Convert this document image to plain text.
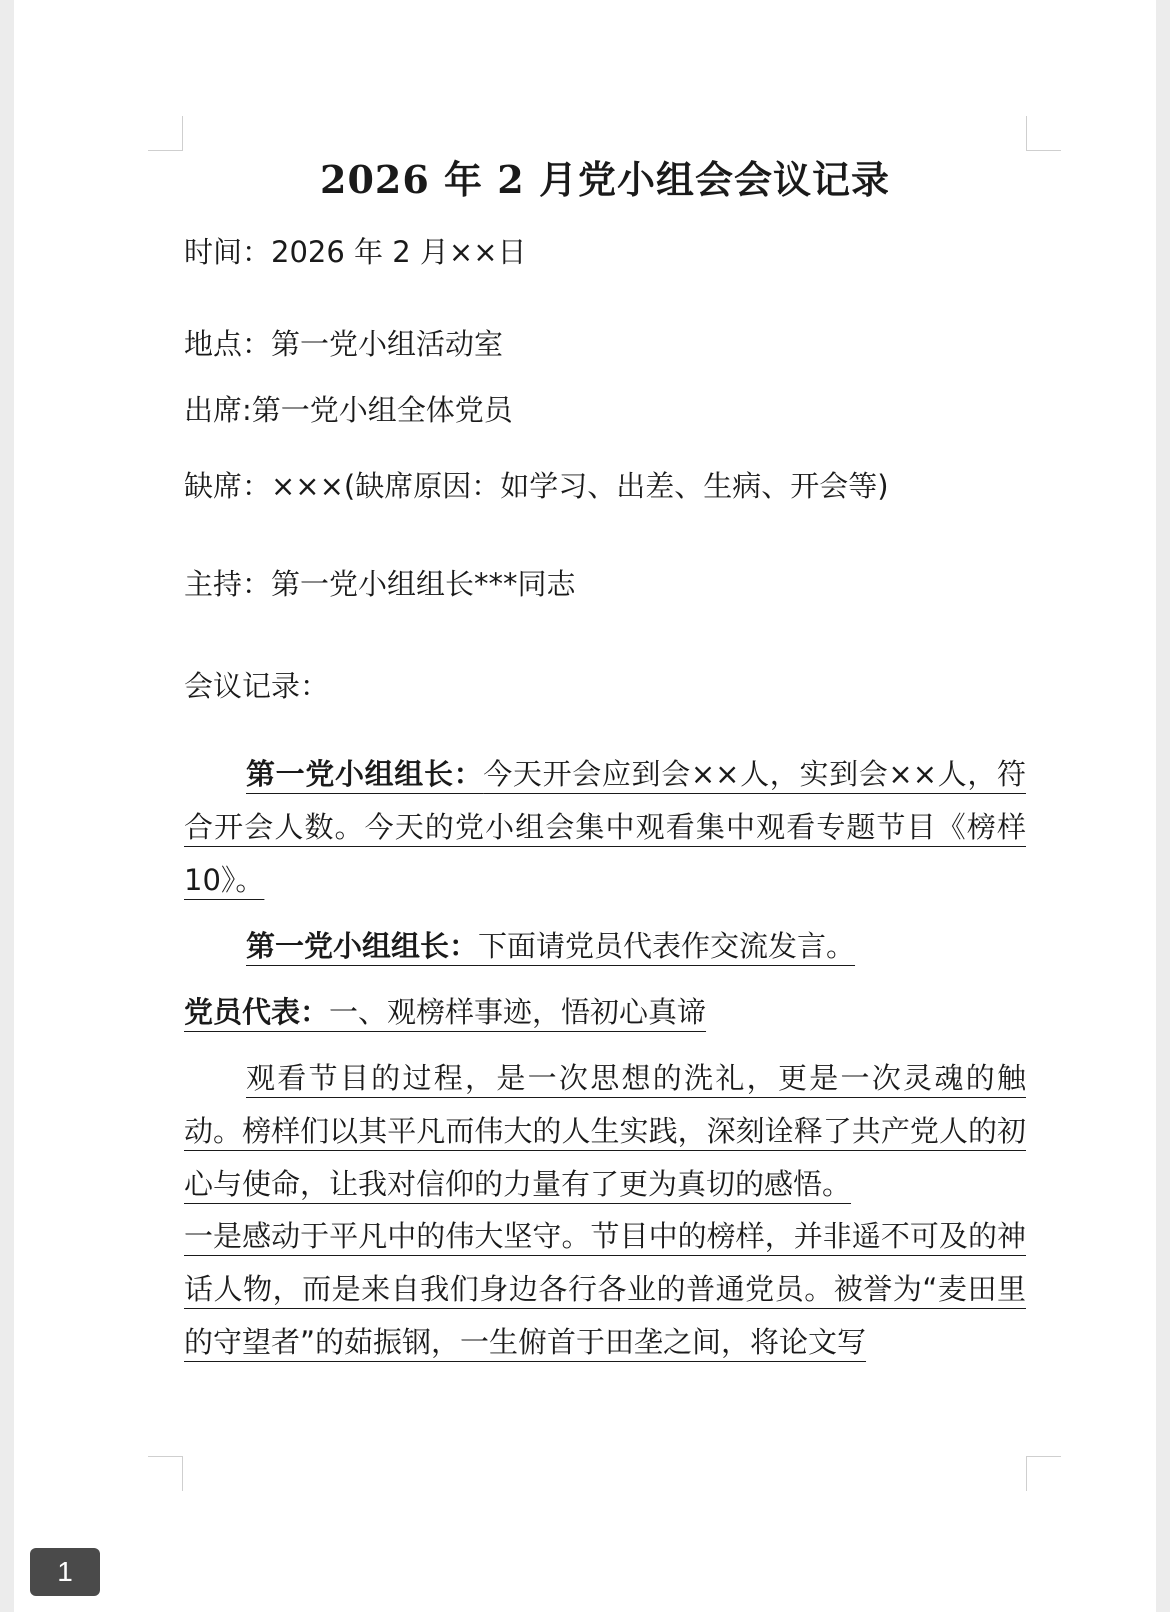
2026 年 2 月党小组会会议记录

时间：2026 年 2 月××日

地点：第一党小组活动室

出席:第一党小组全体党员

缺席：×××(缺席原因：如学习、出差、生病、开会等)

主持：第一党小组组长***同志

会议记录：

第一党小组组长：今天开会应到会××人，实到会××人，符合开会人数。今天的党小组会集中观看集中观看专题节目《榜样 10》。

第一党小组组长：下面请党员代表作交流发言。

党员代表：一、观榜样事迹，悟初心真谛

观看节目的过程，是一次思想的洗礼，更是一次灵魂的触动。榜样们以其平凡而伟大的人生实践，深刻诠释了共产党人的初心与使命，让我对信仰的力量有了更为真切的感悟。

一是感动于平凡中的伟大坚守。节目中的榜样，并非遥不可及的神话人物，而是来自我们身边各行各业的普通党员。被誉为“麦田里的守望者”的茹振钢，一生俯首于田垄之间，将论文写

1
